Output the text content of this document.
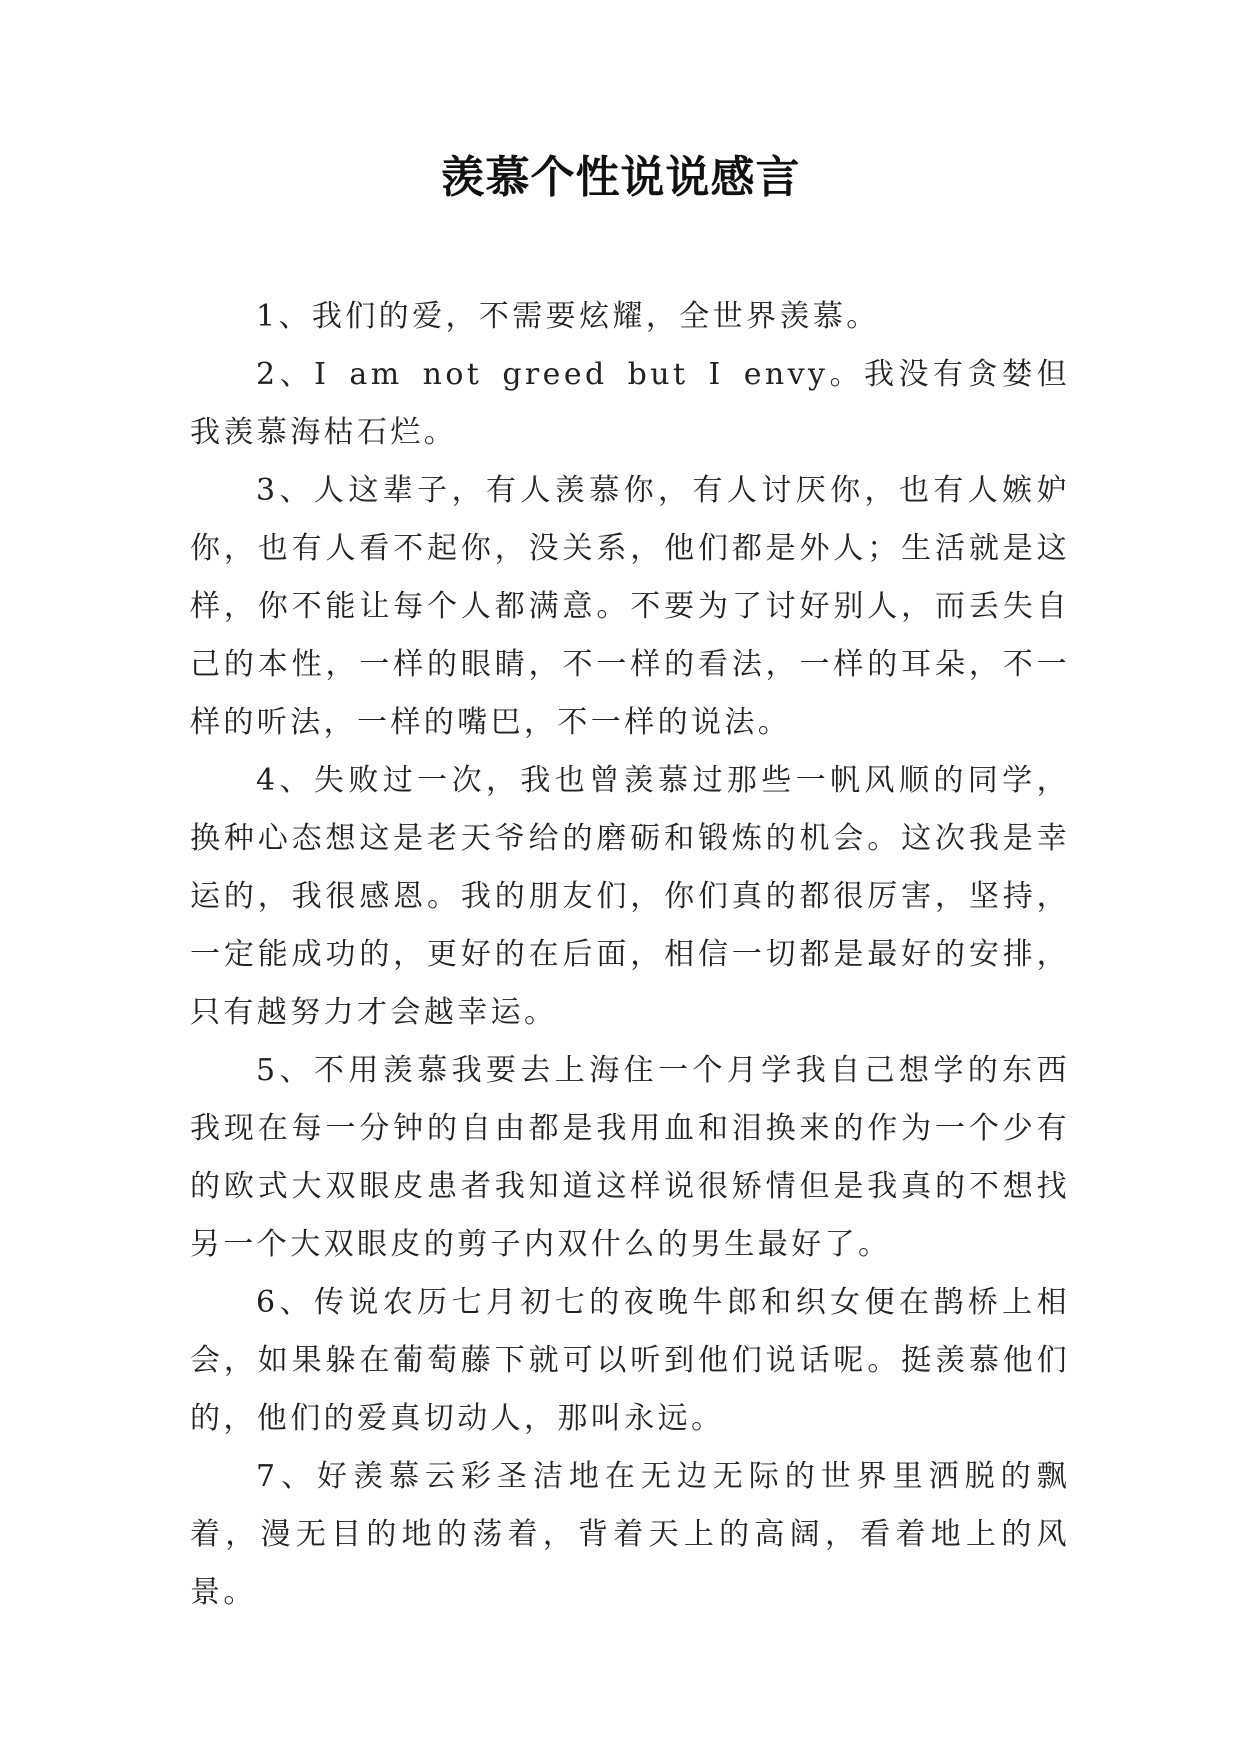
羡慕个性说说感言

1、我们的爱，不需要炫耀，全世界羡慕。

2、I am not greed but I envy。我没有贪婪但我羡慕海枯石烂。

3、人这辈子，有人羡慕你，有人讨厌你，也有人嫉妒你，也有人看不起你，没关系，他们都是外人；生活就是这样，你不能让每个人都满意。不要为了讨好别人，而丢失自己的本性，一样的眼睛，不一样的看法，一样的耳朵，不一样的听法，一样的嘴巴，不一样的说法。

4、失败过一次，我也曾羡慕过那些一帆风顺的同学，换种心态想这是老天爷给的磨砺和锻炼的机会。这次我是幸运的，我很感恩。我的朋友们，你们真的都很厉害，坚持，一定能成功的，更好的在后面，相信一切都是最好的安排，只有越努力才会越幸运。

5、不用羡慕我要去上海住一个月学我自己想学的东西我现在每一分钟的自由都是我用血和泪换来的作为一个少有的欧式大双眼皮患者我知道这样说很矫情但是我真的不想找另一个大双眼皮的剪子内双什么的男生最好了。

6、传说农历七月初七的夜晚牛郎和织女便在鹊桥上相会，如果躲在葡萄藤下就可以听到他们说话呢。挺羡慕他们的，他们的爱真切动人，那叫永远。

7、好羡慕云彩圣洁地在无边无际的世界里洒脱的飘着，漫无目的地的荡着，背着天上的高阔，看着地上的风景。
